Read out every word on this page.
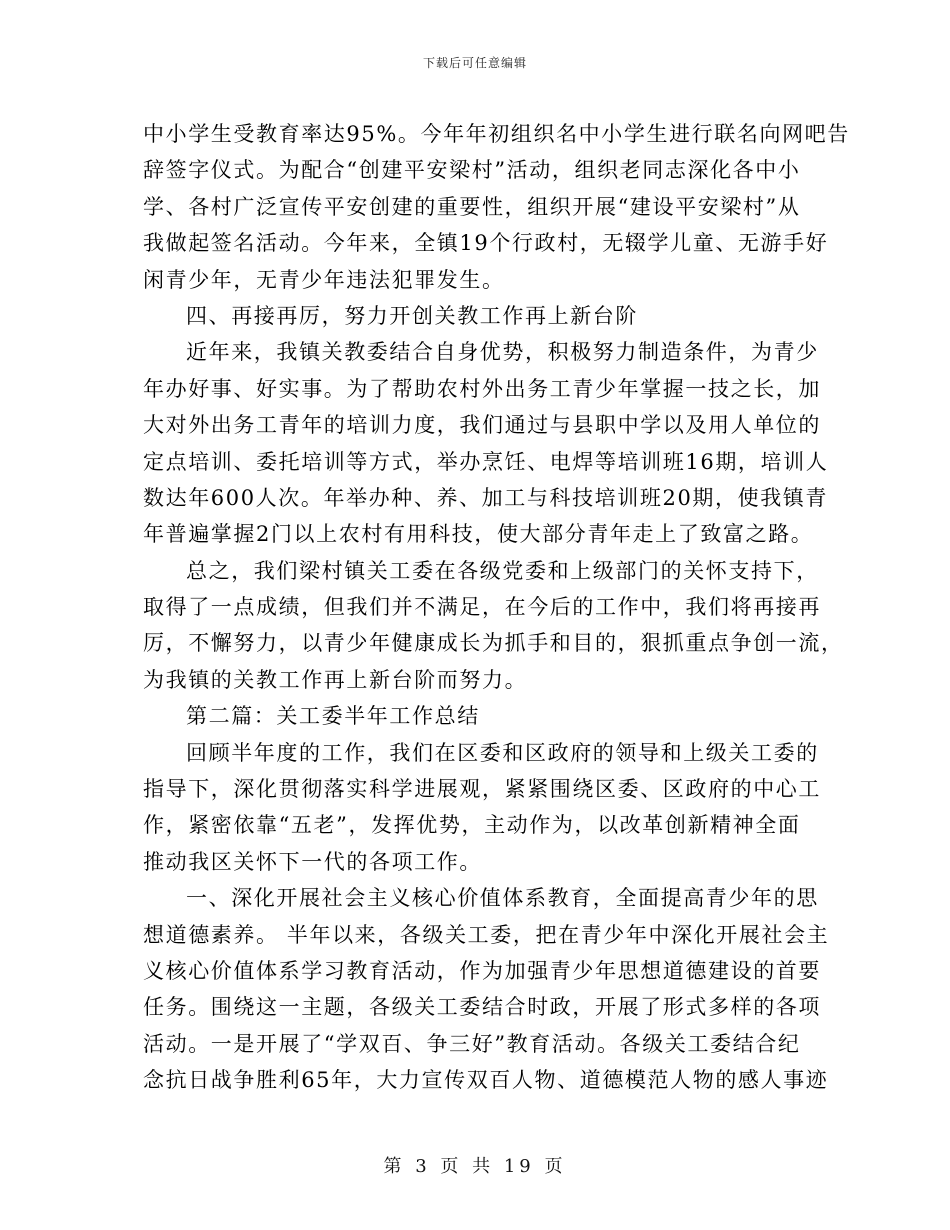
下载后可任意编辑
中小学生受教育率达95%。今年年初组织名中小学生进行联名向网吧告
辞签字仪式。为配合“创建平安梁村”活动，组织老同志深化各中小
学、各村广泛宣传平安创建的重要性，组织开展“建设平安梁村”从
我做起签名活动。今年来，全镇19个行政村，无辍学儿童、无游手好
闲青少年，无青少年违法犯罪发生。
四、再接再厉，努力开创关教工作再上新台阶
近年来，我镇关教委结合自身优势，积极努力制造条件，为青少
年办好事、好实事。为了帮助农村外出务工青少年掌握一技之长，加
大对外出务工青年的培训力度，我们通过与县职中学以及用人单位的
定点培训、委托培训等方式，举办烹饪、电焊等培训班16期，培训人
数达年600人次。年举办种、养、加工与科技培训班20期，使我镇青
年普遍掌握2门以上农村有用科技，使大部分青年走上了致富之路。
总之，我们梁村镇关工委在各级党委和上级部门的关怀支持下，
取得了一点成绩，但我们并不满足，在今后的工作中，我们将再接再
厉，不懈努力，以青少年健康成长为抓手和目的，狠抓重点争创一流，
为我镇的关教工作再上新台阶而努力。
第二篇：关工委半年工作总结
回顾半年度的工作，我们在区委和区政府的领导和上级关工委的
指导下，深化贯彻落实科学进展观，紧紧围绕区委、区政府的中心工
作，紧密依靠“五老”，发挥优势，主动作为，以改革创新精神全面
推动我区关怀下一代的各项工作。
一、深化开展社会主义核心价值体系教育，全面提高青少年的思
想道德素养。 半年以来，各级关工委，把在青少年中深化开展社会主
义核心价值体系学习教育活动，作为加强青少年思想道德建设的首要
任务。围绕这一主题，各级关工委结合时政，开展了形式多样的各项
活动。一是开展了“学双百、争三好”教育活动。各级关工委结合纪
念抗日战争胜利65年，大力宣传双百人物、道德模范人物的感人事迹
第 3 页 共 19 页
